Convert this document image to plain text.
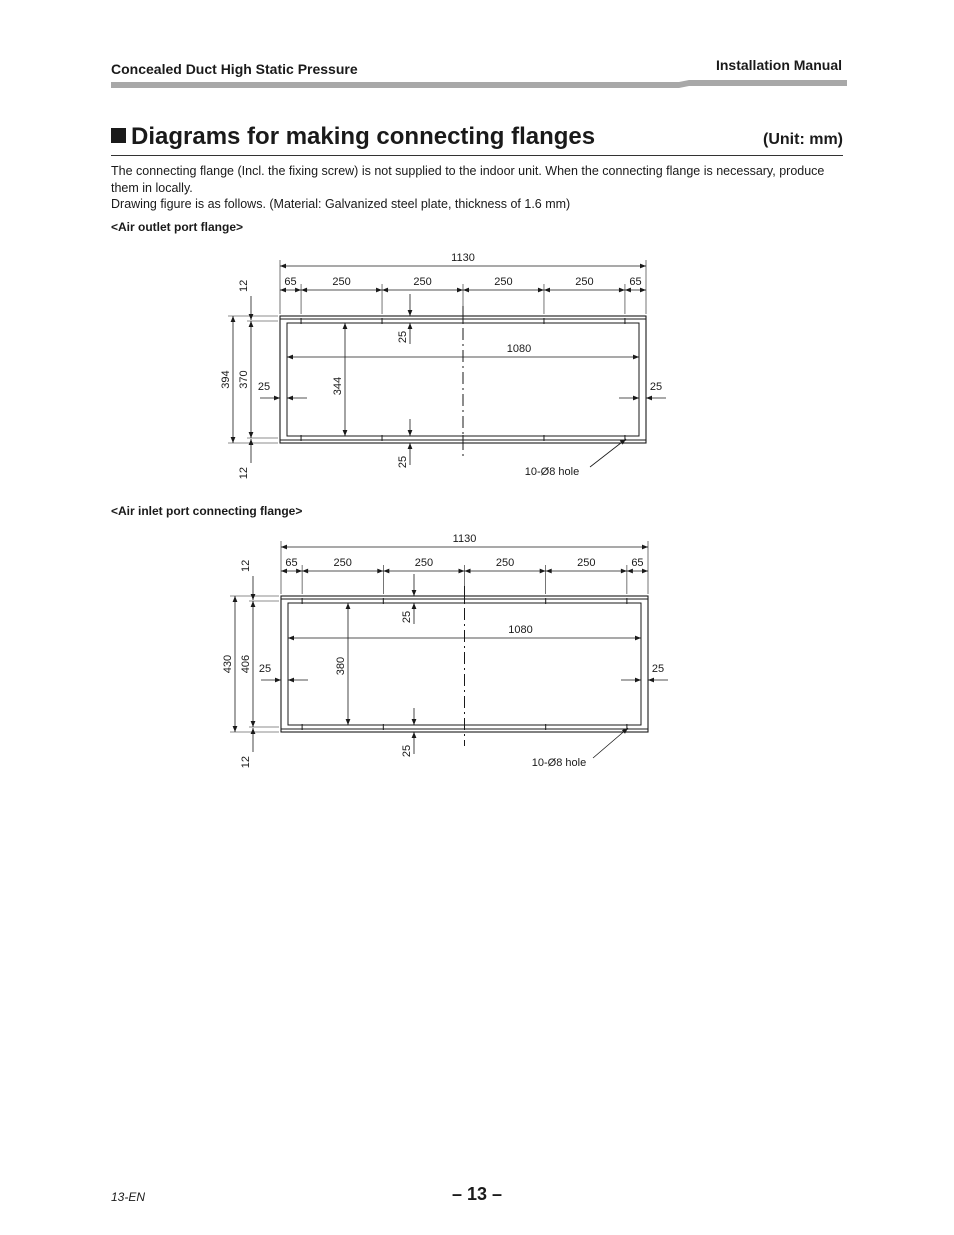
Concealed Duct High Static Pressure	Installation Manual
Diagrams for making connecting flanges	(Unit: mm)

The connecting flange (Incl. the fixing screw) is not supplied to the indoor unit. When the connecting flange is necessary, produce them in locally.

Drawing figure is as follows. (Material: Galvanized steel plate, thickness of 1.6 mm)

<Air outlet port flange>
<Air inlet port connecting flange>
1130
65	250	250	250	250	65
394 370
12
12
344
1080
25	25
25
25
10-Ø8 hole
1130
65	250	250	250	250	65
430 406
12
12
380
1080
25	25
25
25
10-Ø8 hole
13-EN	– 13 –
